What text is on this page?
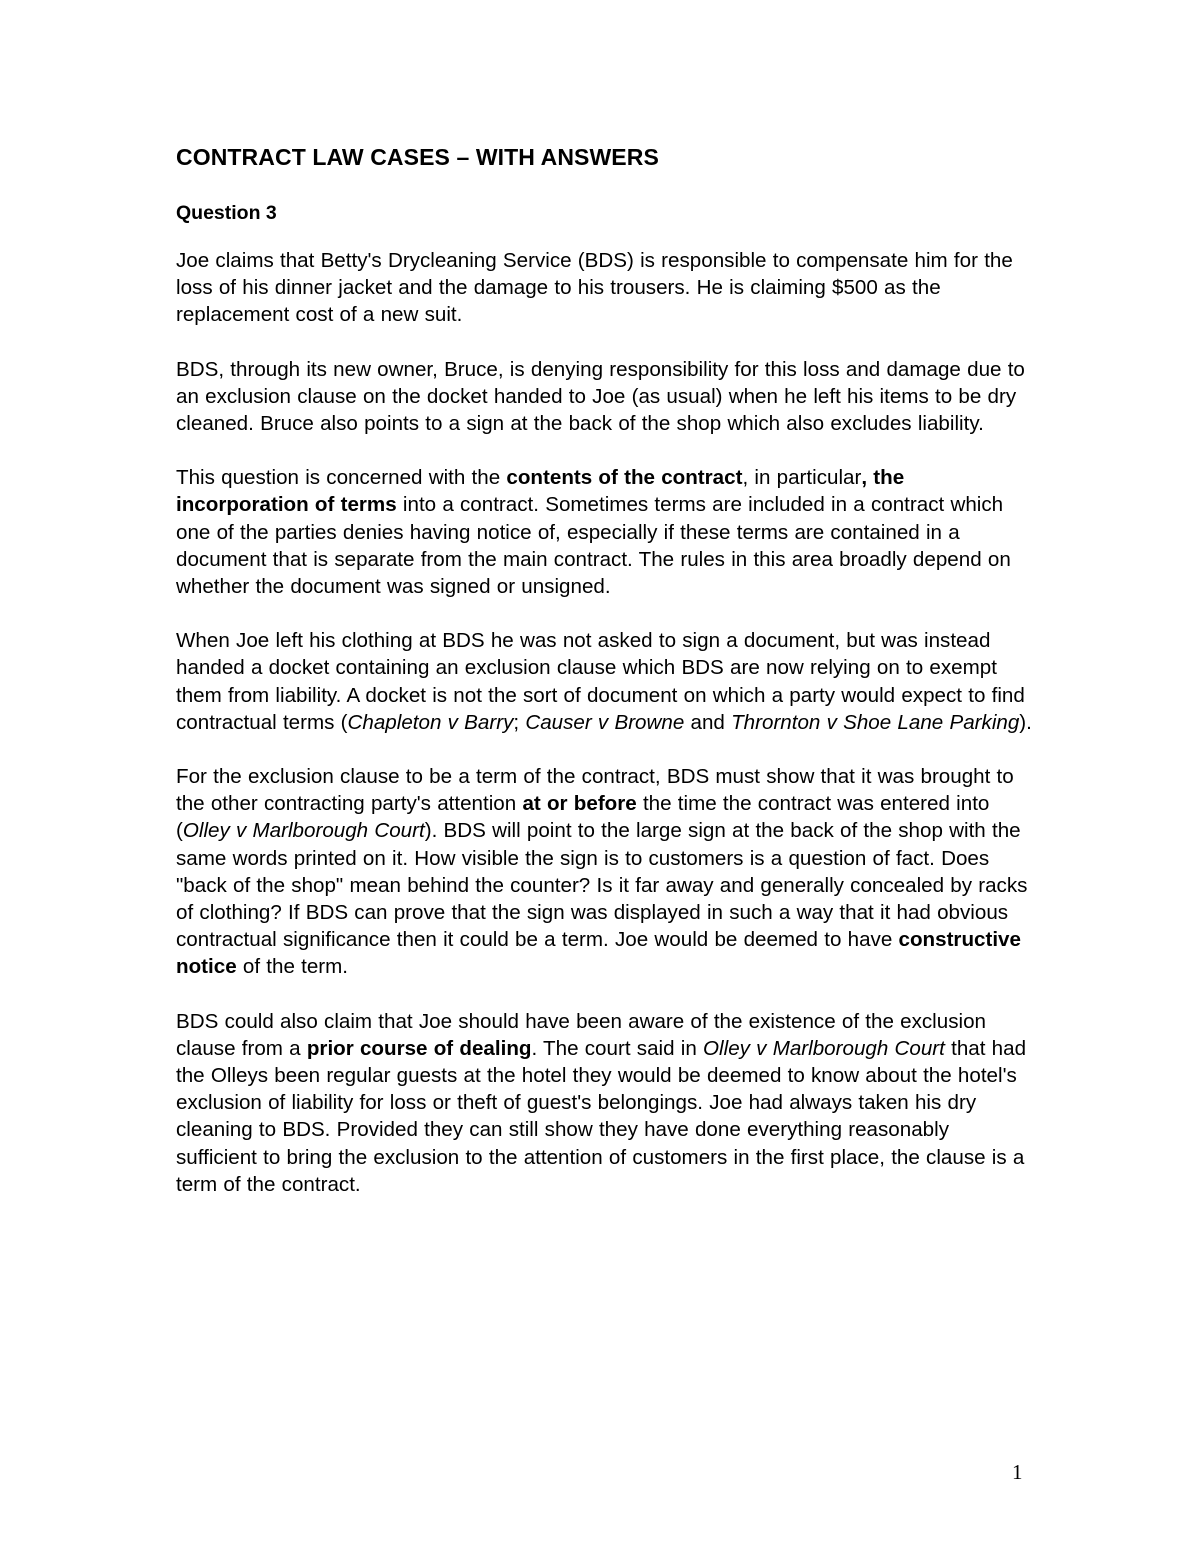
CONTRACT LAW CASES – WITH ANSWERS
Question 3

Joe claims that Betty's Drycleaning Service (BDS) is responsible to compensate him for the loss of his dinner jacket and the damage to his trousers. He is claiming $500 as the replacement cost of a new suit.

BDS, through its new owner, Bruce, is denying responsibility for this loss and damage due to an exclusion clause on the docket handed to Joe (as usual) when he left his items to be dry cleaned. Bruce also points to a sign at the back of the shop which also excludes liability.

This question is concerned with the contents of the contract, in particular, the incorporation of terms into a contract. Sometimes terms are included in a contract which one of the parties denies having notice of, especially if these terms are contained in a document that is separate from the main contract. The rules in this area broadly depend on whether the document was signed or unsigned.

When Joe left his clothing at BDS he was not asked to sign a document, but was instead handed a docket containing an exclusion clause which BDS are now relying on to exempt them from liability. A docket is not the sort of document on which a party would expect to find contractual terms (Chapleton v Barry; Causer v Browne and Thrornton v Shoe Lane Parking).

For the exclusion clause to be a term of the contract, BDS must show that it was brought to the other contracting party's attention at or before the time the contract was entered into (Olley v Marlborough Court). BDS will point to the large sign at the back of the shop with the same words printed on it. How visible the sign is to customers is a question of fact. Does "back of the shop" mean behind the counter? Is it far away and generally concealed by racks of clothing? If BDS can prove that the sign was displayed in such a way that it had obvious contractual significance then it could be a term. Joe would be deemed to have constructive notice of the term.

BDS could also claim that Joe should have been aware of the existence of the exclusion clause from a prior course of dealing. The court said in Olley v Marlborough Court that had the Olleys been regular guests at the hotel they would be deemed to know about the hotel's exclusion of liability for loss or theft of guest's belongings. Joe had always taken his dry cleaning to BDS. Provided they can still show they have done everything reasonably sufficient to bring the exclusion to the attention of customers in the first place, the clause is a term of the contract.

1
